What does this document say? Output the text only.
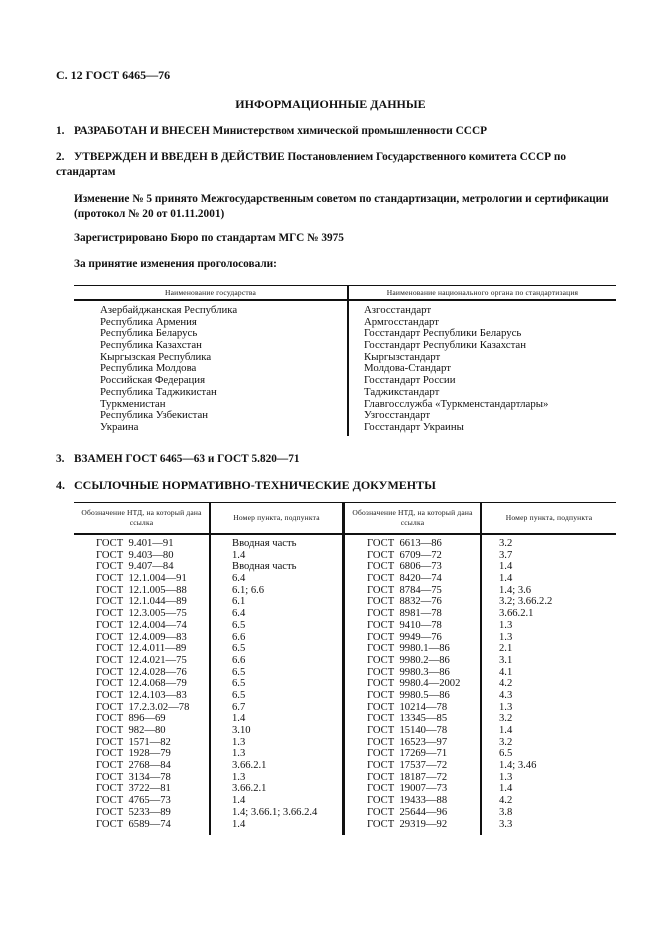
С. 12 ГОСТ 6465—76
ИНФОРМАЦИОННЫЕ ДАННЫЕ
1. РАЗРАБОТАН И ВНЕСЕН Министерством химической промышленности СССР
2. УТВЕРЖДЕН И ВВЕДЕН В ДЕЙСТВИЕ Постановлением Государственного комитета СССР по стандартам
Изменение № 5 принято Межгосударственным советом по стандартизации, метрологии и сертификации (протокол № 20 от 01.11.2001)
Зарегистрировано Бюро по стандартам МГС № 3975
За принятие изменения проголосовали:
Наименование государства	Наименование национального органа по стандартизация
Азербайджанская Республика
Республика Армения
Республика Беларусь
Республика Казахстан
Кыргызская Республика
Республика Молдова
Российская Федерация
Республика Таджикистан
Туркменистан
Республика Узбекистан
Украина
Азгосстандарт
Армгосстандарт
Госстандарт Республики Беларусь
Госстандарт Республики Казахстан
Кыргызстандарт
Молдова-Стандарт
Госстандарт России
Таджикстандарт
Главгосслужба «Туркменстандартлары»
Узгосстандарт
Госстандарт Украины
3. ВЗАМЕН ГОСТ 6465—63 и ГОСТ 5.820—71
4. ССЫЛОЧНЫЕ НОРМАТИВНО-ТЕХНИЧЕСКИЕ ДОКУМЕНТЫ
Обозначение НТД, на который дана ссылка
Номер пункта, подпункта
Обозначение НТД, на который дана ссылка
Номер пункта, подпункта
ГОСТ  9.401—91
ГОСТ  9.403—80
ГОСТ  9.407—84
ГОСТ  12.1.004—91
ГОСТ  12.1.005—88
ГОСТ  12.1.044—89
ГОСТ  12.3.005—75
ГОСТ  12.4.004—74
ГОСТ  12.4.009—83
ГОСТ  12.4.011—89
ГОСТ  12.4.021—75
ГОСТ  12.4.028—76
ГОСТ  12.4.068—79
ГОСТ  12.4.103—83
ГОСТ  17.2.3.02—78
ГОСТ  896—69
ГОСТ  982—80
ГОСТ  1571—82
ГОСТ  1928—79
ГОСТ  2768—84
ГОСТ  3134—78
ГОСТ  3722—81
ГОСТ  4765—73
ГОСТ  5233—89
ГОСТ  6589—74
Вводная часть
1.4
Вводная часть
6.4
6.1; 6.6
6.1
6.4
6.5
6.6
6.5
6.6
6.5
6.5
6.5
6.7
1.4
3.10
1.3
1.3
3.66.2.1
1.3
3.66.2.1
1.4
1.4; 3.66.1; 3.66.2.4
1.4
ГОСТ  6613—86
ГОСТ  6709—72
ГОСТ  6806—73
ГОСТ  8420—74
ГОСТ  8784—75
ГОСТ  8832—76
ГОСТ  8981—78
ГОСТ  9410—78
ГОСТ  9949—76
ГОСТ  9980.1—86
ГОСТ  9980.2—86
ГОСТ  9980.3—86
ГОСТ  9980.4—2002
ГОСТ  9980.5—86
ГОСТ  10214—78
ГОСТ  13345—85
ГОСТ  15140—78
ГОСТ  16523—97
ГОСТ  17269—71
ГОСТ  17537—72
ГОСТ  18187—72
ГОСТ  19007—73
ГОСТ  19433—88
ГОСТ  25644—96
ГОСТ  29319—92
3.2
3.7
1.4
1.4
1.4; 3.6
3.2; 3.66.2.2
3.66.2.1
1.3
1.3
2.1
3.1
4.1
4.2
4.3
1.3
3.2
1.4
3.2
6.5
1.4; 3.46
1.3
1.4
4.2
3.8
3.3
